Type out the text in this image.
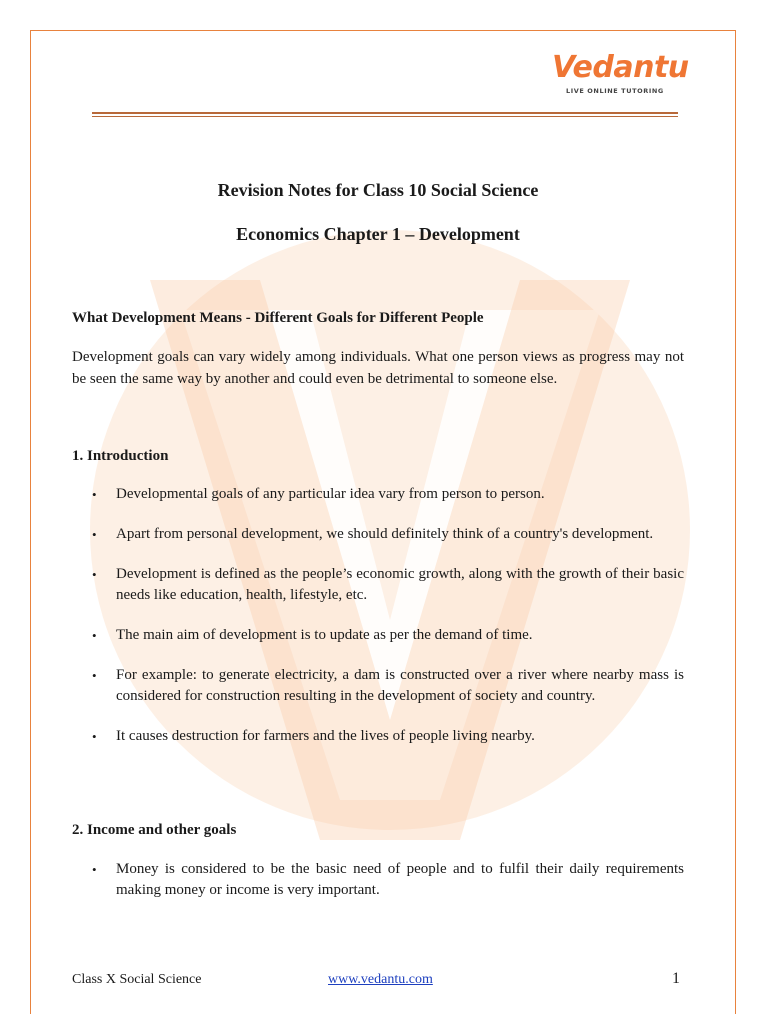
Vedantu
LIVE ONLINE TUTORING
Revision Notes for Class 10 Social Science
Economics Chapter 1 – Development
What Development Means - Different Goals for Different People
Development goals can vary widely among individuals. What one person views as progress may not be seen the same way by another and could even be detrimental to someone else.
1. Introduction
• Developmental goals of any particular idea vary from person to person.
• Apart from personal development, we should definitely think of a country's development.
• Development is defined as the people’s economic growth, along with the growth of their basic needs like education, health, lifestyle, etc.
• The main aim of development is to update as per the demand of time.
• For example: to generate electricity, a dam is constructed over a river where nearby mass is considered for construction resulting in the development of society and country.
• It causes destruction for farmers and the lives of people living nearby.
2. Income and other goals
• Money is considered to be the basic need of people and to fulfil their daily requirements making money or income is very important.
Class X Social Science	www.vedantu.com	1
